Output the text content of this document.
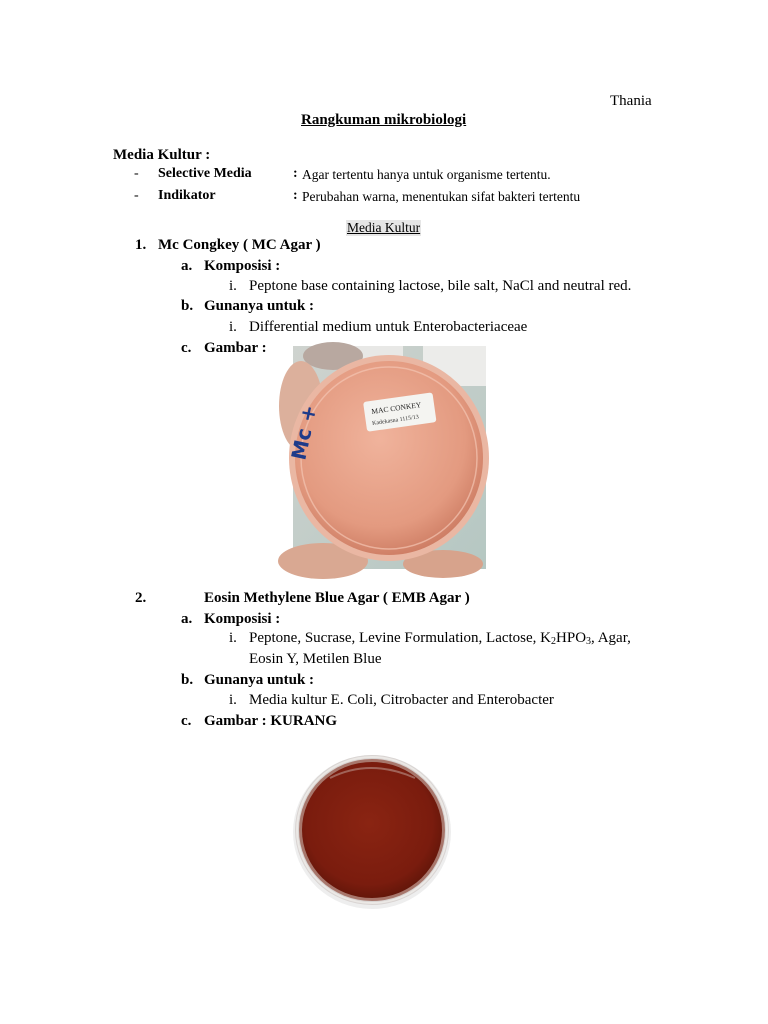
Thania
Rangkuman mikrobiologi
Media Kultur :
- Selective Media	: Agar tertentu hanya untuk organisme tertentu.
- Indikator	: Perubahan warna, menentukan sifat bakteri tertentu
Media Kultur
1. Mc Congkey ( MC Agar )
a. Komposisi :
i. Peptone base containing lactose, bile salt, NaCl and neutral red.
b. Gunanya untuk :
i. Differential medium untuk Enterobacteriaceae
c. Gambar :
MAC CONKEY
Kadekasna 1115/13
Mc +
2.	Eosin Methylene Blue Agar ( EMB Agar )
a. Komposisi :
i. Peptone, Sucrase, Levine Formulation, Lactose, $K_2HPO_3$, Agar,
Eosin Y, Metilen Blue
b. Gunanya untuk :
i. Media kultur E. Coli, Citrobacter and Enterobacter
c. Gambar : KURANG
